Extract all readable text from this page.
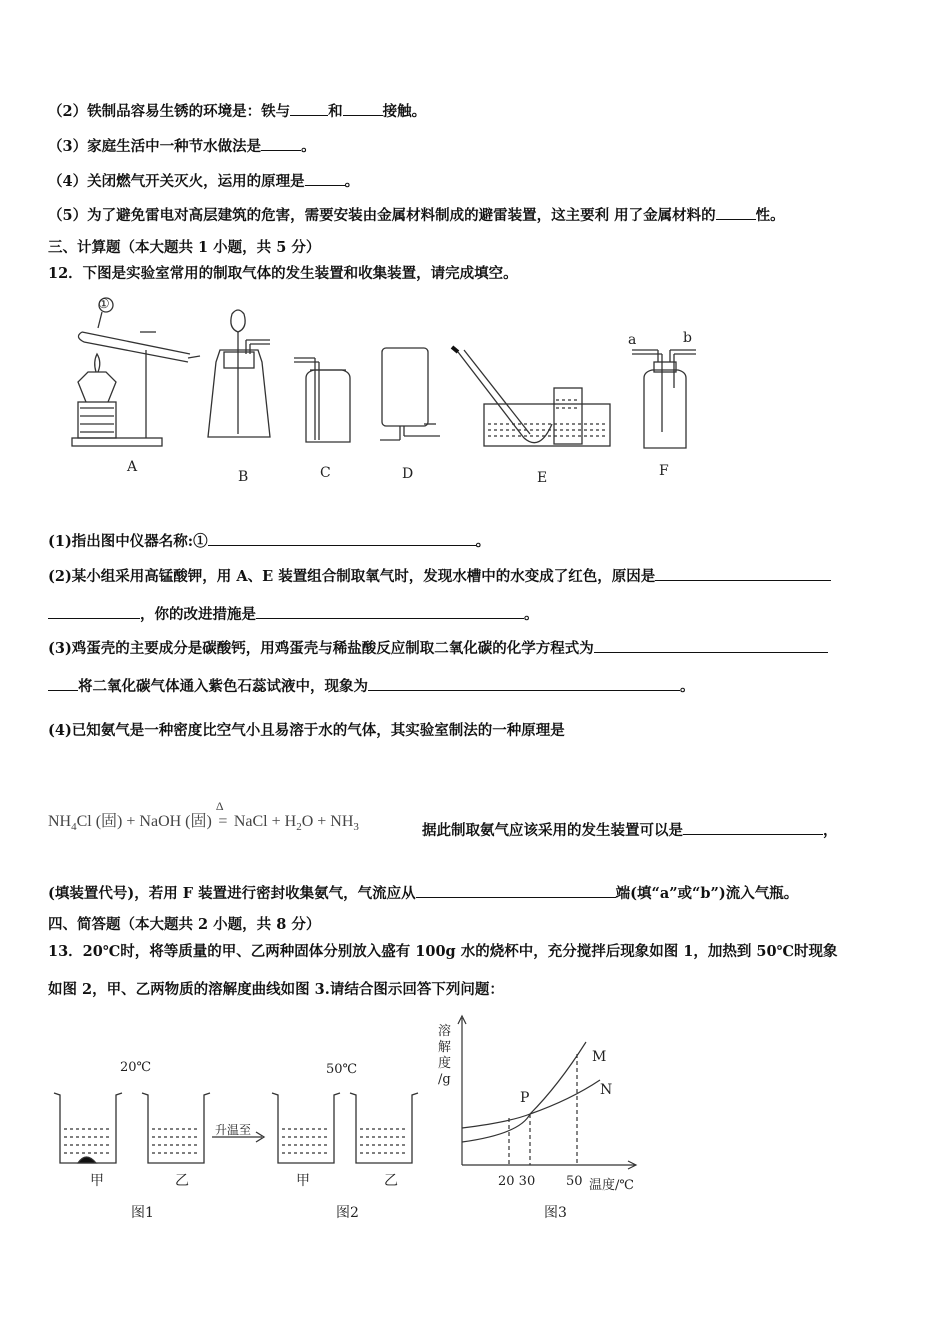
（2）铁制品容易生锈的环境是：铁与	和	接触。
（3）家庭生活中一种节水做法是	。
（4）关闭燃气开关灭火，运用的原理是	。
（5）为了避免雷电对高层建筑的危害，需要安装由金属材料制成的避雷装置，这主要利 用了金属材料的	性。
三、计算题（本大题共 1 小题，共 5 分）
12．下图是实验室常用的制取气体的发生装置和收集装置，请完成填空。
①
a	b
A
B	C	D	E	F
(1)指出图中仪器名称:①	。
(2)某小组采用高锰酸钾，用 A、E 装置组合制取氧气时，发现水槽中的水变成了红色，原因是
，你的改进措施是	。
(3)鸡蛋壳的主要成分是碳酸钙，用鸡蛋壳与稀盐酸反应制取二氧化碳的化学方程式为
将二氧化碳气体通入紫色石蕊试液中，现象为	。
(4)已知氨气是一种密度比空气小且易溶于水的气体，其实验室制法的一种原理是
$NH_4Cl$ (固) + NaOH (固)
Δ
= NaCl + $H_2O + NH_3$	据此制取氨气应该采用的发生装置可以是	，
(填装置代号)，若用 F 装置进行密封收集氨气，气流应从	端(填“a”或“b”)流入气瓶。
四、简答题（本大题共 2 小题，共 8 分）
13．20℃时，将等质量的甲、乙两种固体分别放入盛有 100g 水的烧杯中，充分搅拌后现象如图 1，加热到 50℃时现象
如图 2，甲、乙两物质的溶解度曲线如图 3.请结合图示回答下列问题：
20℃
升温至
50℃
甲	乙	甲	乙
图1	图2
溶
解
度
/g
M
N
P
20 30 50 温度/℃
图3
